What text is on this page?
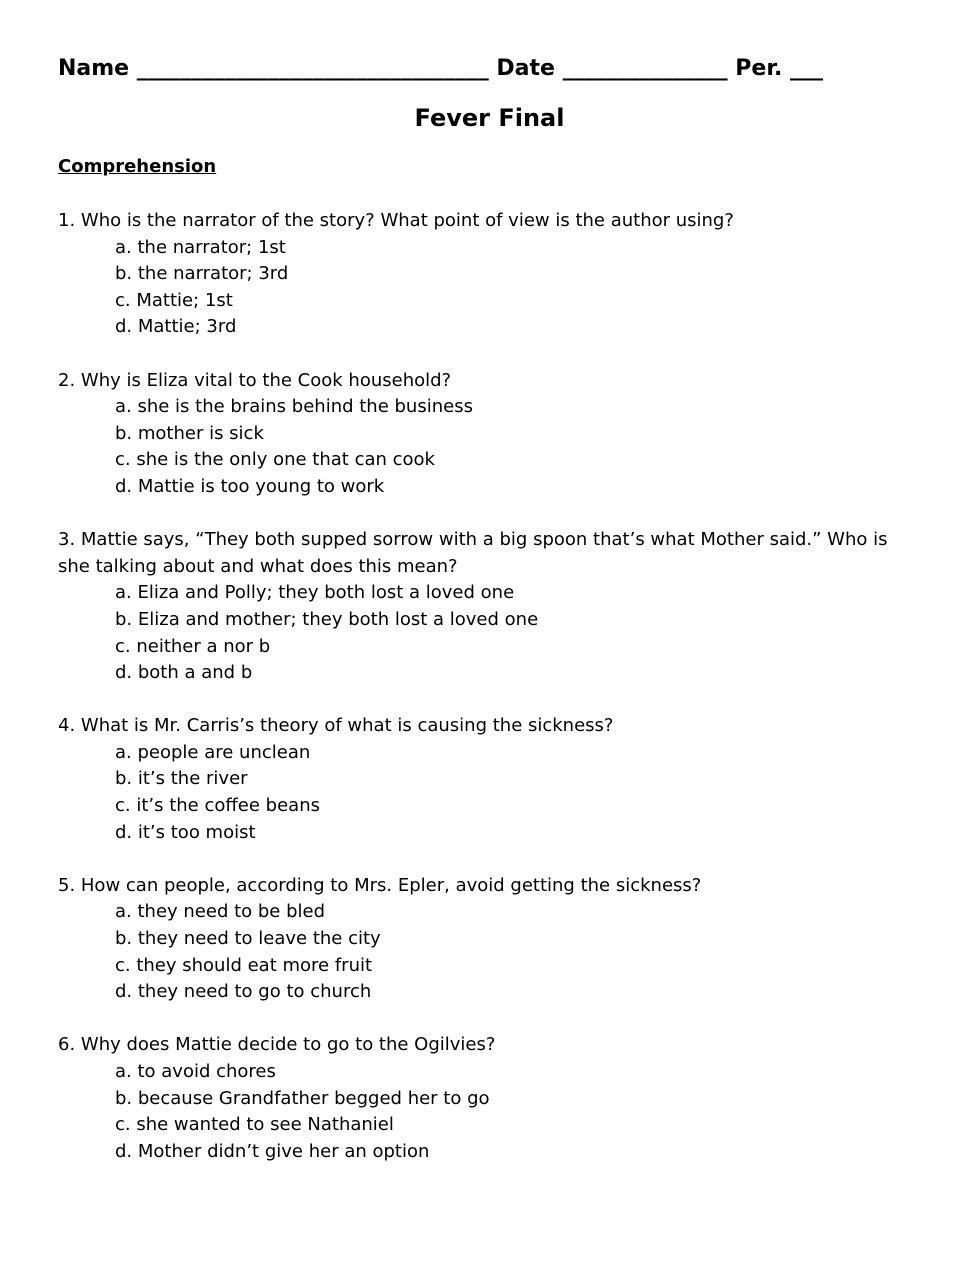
Name ________________________________ Date _______________ Per. ___
Fever Final
Comprehension

1. Who is the narrator of the story? What point of view is the author using?

a. the narrator; 1st
b. the narrator; 3rd
c. Mattie; 1st
d. Mattie; 3rd

2. Why is Eliza vital to the Cook household?

a. she is the brains behind the business
b. mother is sick
c. she is the only one that can cook
d. Mattie is too young to work

3. Mattie says, “They both supped sorrow with a big spoon that’s what Mother said.” Who is she talking about and what does this mean?

a. Eliza and Polly; they both lost a loved one
b. Eliza and mother; they both lost a loved one
c. neither a nor b
d. both a and b

4. What is Mr. Carris’s theory of what is causing the sickness?

a. people are unclean
b. it’s the river
c. it’s the coffee beans
d. it’s too moist

5. How can people, according to Mrs. Epler, avoid getting the sickness?

a. they need to be bled
b. they need to leave the city
c. they should eat more fruit
d. they need to go to church

6. Why does Mattie decide to go to the Ogilvies?

a. to avoid chores
b. because Grandfather begged her to go
c. she wanted to see Nathaniel
d. Mother didn’t give her an option
